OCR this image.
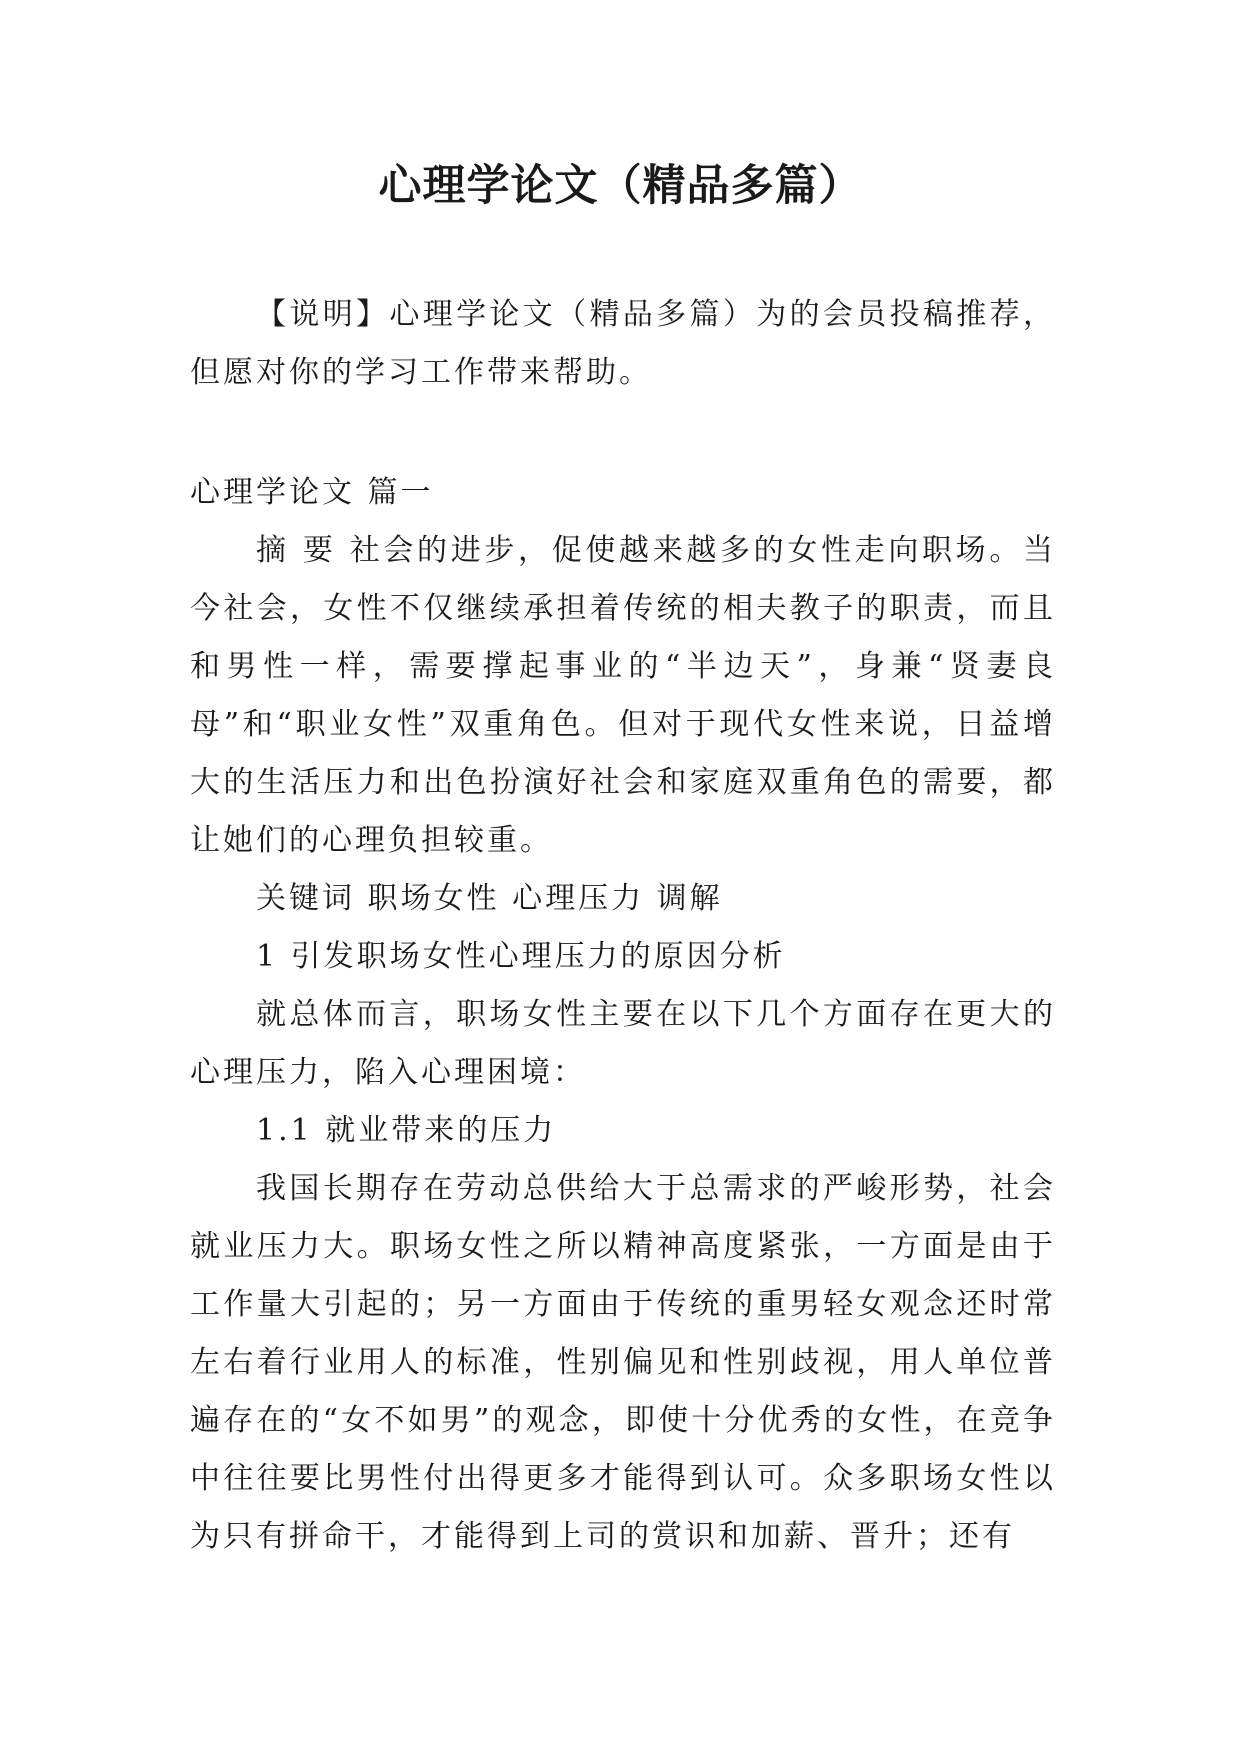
心理学论文（精品多篇）

【说明】心理学论文（精品多篇）为的会员投稿推荐，但愿对你的学习工作带来帮助。

心理学论文 篇一

摘 要 社会的进步，促使越来越多的女性走向职场。当今社会，女性不仅继续承担着传统的相夫教子的职责，而且和男性一样，需要撑起事业的“半边天”，身兼“贤妻良母”和“职业女性”双重角色。但对于现代女性来说，日益增大的生活压力和出色扮演好社会和家庭双重角色的需要，都让她们的心理负担较重。

关键词 职场女性 心理压力 调解

1 引发职场女性心理压力的原因分析

就总体而言，职场女性主要在以下几个方面存在更大的心理压力，陷入心理困境：

1.1 就业带来的压力

我国长期存在劳动总供给大于总需求的严峻形势，社会就业压力大。职场女性之所以精神高度紧张，一方面是由于工作量大引起的；另一方面由于传统的重男轻女观念还时常左右着行业用人的标准，性别偏见和性别歧视，用人单位普遍存在的“女不如男”的观念，即使十分优秀的女性，在竞争中往往要比男性付出得更多才能得到认可。众多职场女性以为只有拼命干，才能得到上司的赏识和加薪、晋升；还有
